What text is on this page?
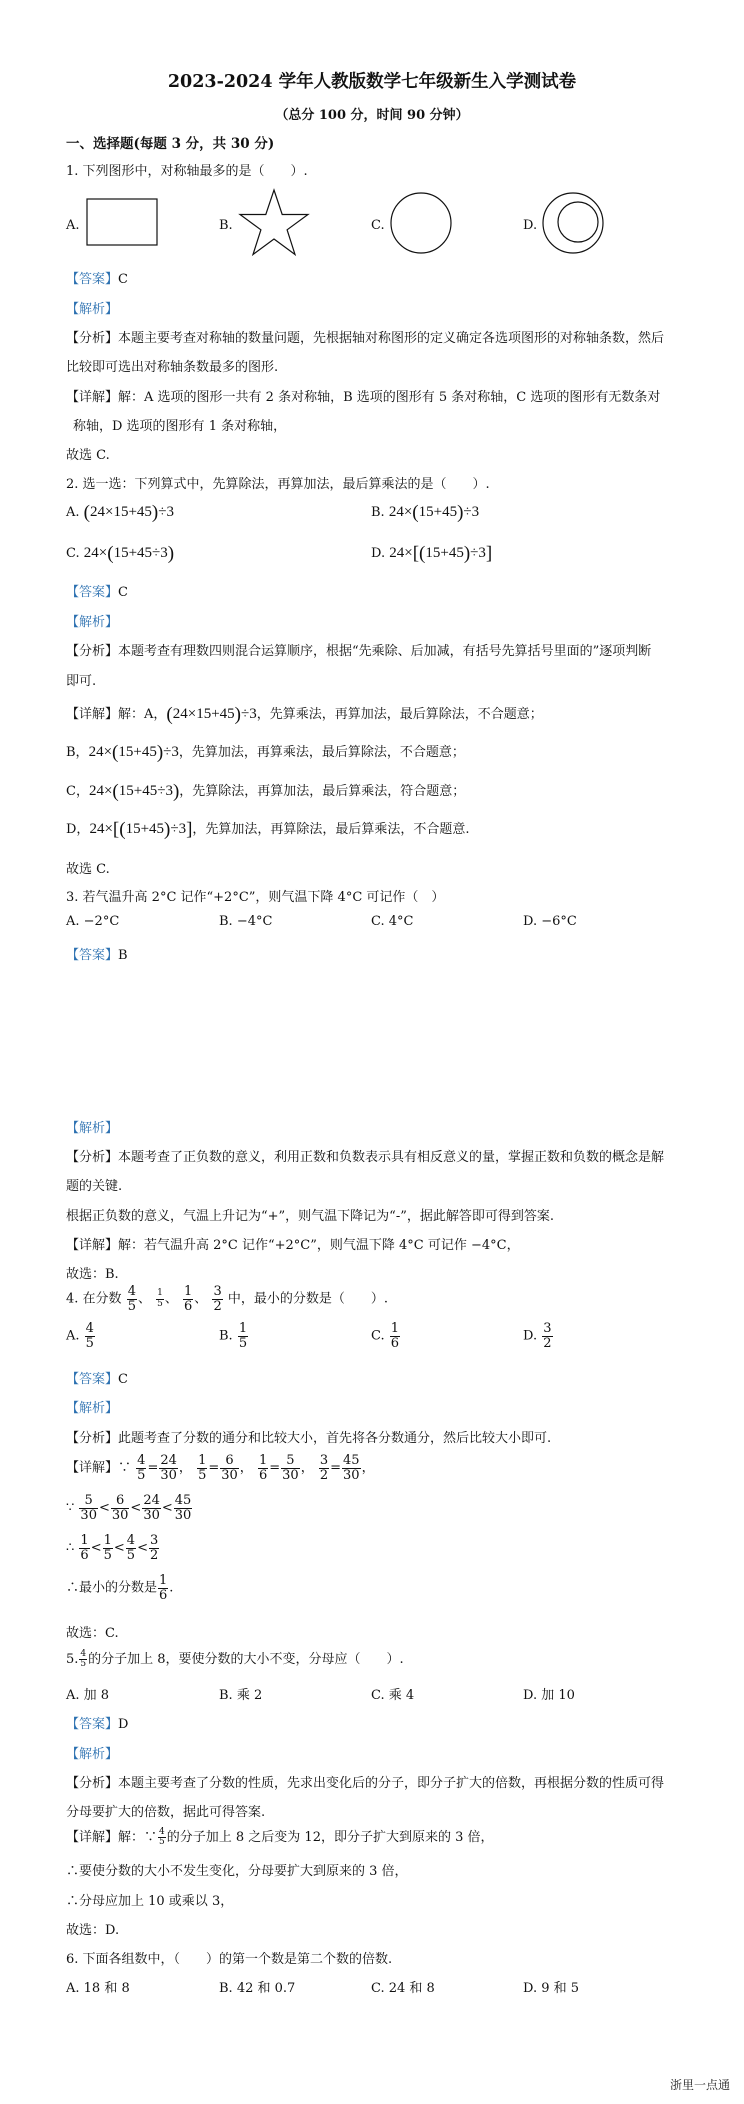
2023-2024 学年人教版数学七年级新生入学测试卷
（总分 100 分，时间 90 分钟）
一、选择题(每题 3 分，共 30 分)
1. 下列图形中，对称轴最多的是（　　）.
A.	B.	C.	D.
【答案】C
【解析】
【分析】本题主要考查对称轴的数量问题，先根据轴对称图形的定义确定各选项图形的对称轴条数，然后
比较即可选出对称轴条数最多的图形.
【详解】解：A 选项的图形一共有 2 条对称轴，B 选项的图形有 5 条对称轴，C 选项的图形有无数条对
称轴，D 选项的图形有 1 条对称轴，
故选 C.
2. 选一选：下列算式中，先算除法，再算加法，最后算乘法的是（　　）.
A. (24×15+45)÷3	B. 24×(15+45)÷3
C. 24×(15+45÷3)	D. 24×[(15+45)÷3]
【答案】C
【解析】
【分析】本题考查有理数四则混合运算顺序，根据“先乘除、后加减，有括号先算括号里面的”逐项判断
即可.
【详解】解：A，(24×15+45)÷3，先算乘法，再算加法，最后算除法，不合题意；
B，24×(15+45)÷3，先算加法，再算乘法，最后算除法，不合题意；
C，24×(15+45÷3)，先算除法，再算加法，最后算乘法，符合题意；
D，24×[(15+45)÷3]，先算加法，再算除法，最后算乘法，不合题意.
故选 C.
3. 若气温升高 2°C 记作“+2°C”，则气温下降 4°C 可记作（　）
A. −2°C	B. −4°C	C. 4°C	D. −6°C
【答案】B
【解析】
【分析】本题考查了正负数的意义，利用正数和负数表示具有相反意义的量，掌握正数和负数的概念是解
题的关键.
根据正负数的意义，气温上升记为“+”，则气温下降记为“-”，据此解答即可得到答案.
【详解】解：若气温升高 2°C 记作“+2°C”，则气温下降 4°C 可记作 −4°C，
故选：B.
4. 在分数 $\frac{4}{5}$ 、 $\frac{1}{5}$ 、 $\frac{1}{6}$ 、 $\frac{3}{2}$ 中，最小的分数是（　　）.
A. $\frac{4}{5}$	B. $\frac{1}{5}$	C. $\frac{1}{6}$	D. $\frac{3}{2}$
【答案】C
【解析】
【分析】此题考查了分数的通分和比较大小，首先将各分数通分，然后比较大小即可.
【详解】∵ $\frac{4}{5} = \frac{24}{30}$ ， $\frac{1}{5} = \frac{6}{30}$ ， $\frac{1}{6} = \frac{5}{30}$ ， $\frac{3}{2} = \frac{45}{30}$ ，
∵ $\frac{5}{30} < \frac{6}{30} < \frac{24}{30} < \frac{45}{30}$
∴ $\frac{1}{6} < \frac{1}{5} < \frac{4}{5} < \frac{3}{2}$
∴最小的分数是 $\frac{1}{6}$ .
故选：C.
5. $\frac{4}{5}$ 的分子加上 8，要使分数的大小不变，分母应（　　）.
A. 加 8	B. 乘 2	C. 乘 4	D. 加 10
【答案】D
【解析】
【分析】本题主要考查了分数的性质，先求出变化后的分子，即分子扩大的倍数，再根据分数的性质可得
分母要扩大的倍数，据此可得答案.
【详解】解：∵ $\frac{4}{5}$ 的分子加上 8 之后变为 12，即分子扩大到原来的 3 倍，
∴要使分数的大小不发生变化，分母要扩大到原来的 3 倍，
∴分母应加上 10 或乘以 3，
故选：D.
6. 下面各组数中，（　　）的第一个数是第二个数的倍数.
A. 18 和 8	B. 42 和 0.7	C. 24 和 8	D. 9 和 5
浙里一点通
